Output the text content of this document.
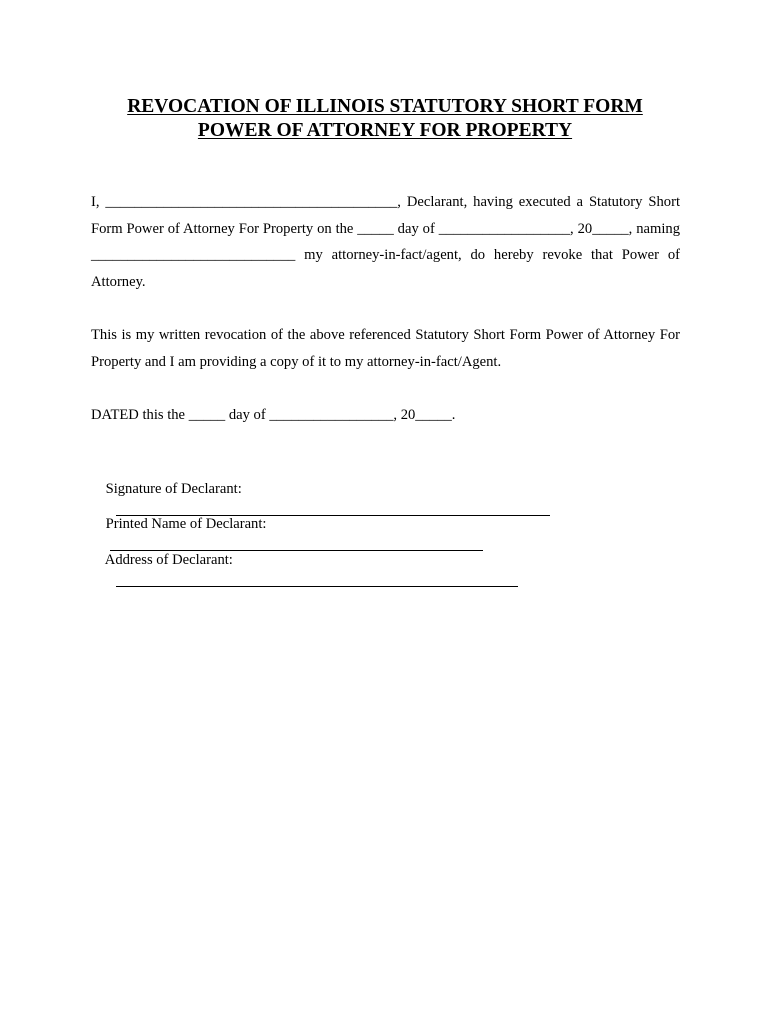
REVOCATION OF ILLINOIS STATUTORY SHORT FORM
POWER OF ATTORNEY FOR PROPERTY

I, ________________________________________, Declarant, having executed a Statutory Short Form Power of Attorney For Property on the _____ day of __________________, 20_____, naming ____________________________ my attorney-in-fact/agent, do hereby revoke that Power of Attorney.

This is my written revocation of the above referenced Statutory Short Form Power of Attorney For Property and I am providing a copy of it to my attorney-in-fact/Agent.

DATED this the _____ day of _________________, 20_____.

Signature of Declarant:

Printed Name of Declarant:

Address of Declarant:
